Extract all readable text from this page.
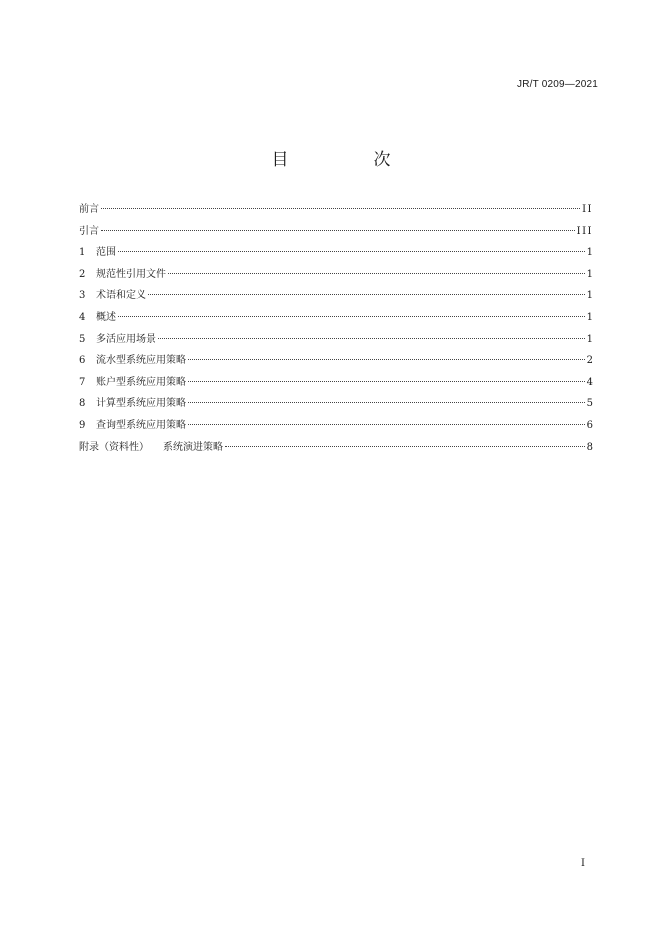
JR/T 0209—2021
目　次
前言	II
引言	III
1	范围	1
2	规范性引用文件	1
3	术语和定义	1
4	概述	1
5	多活应用场景	1
6	流水型系统应用策略	2
7	账户型系统应用策略	4
8	计算型系统应用策略	5
9	查询型系统应用策略	6
附录（资料性） 系统演进策略	8
I
